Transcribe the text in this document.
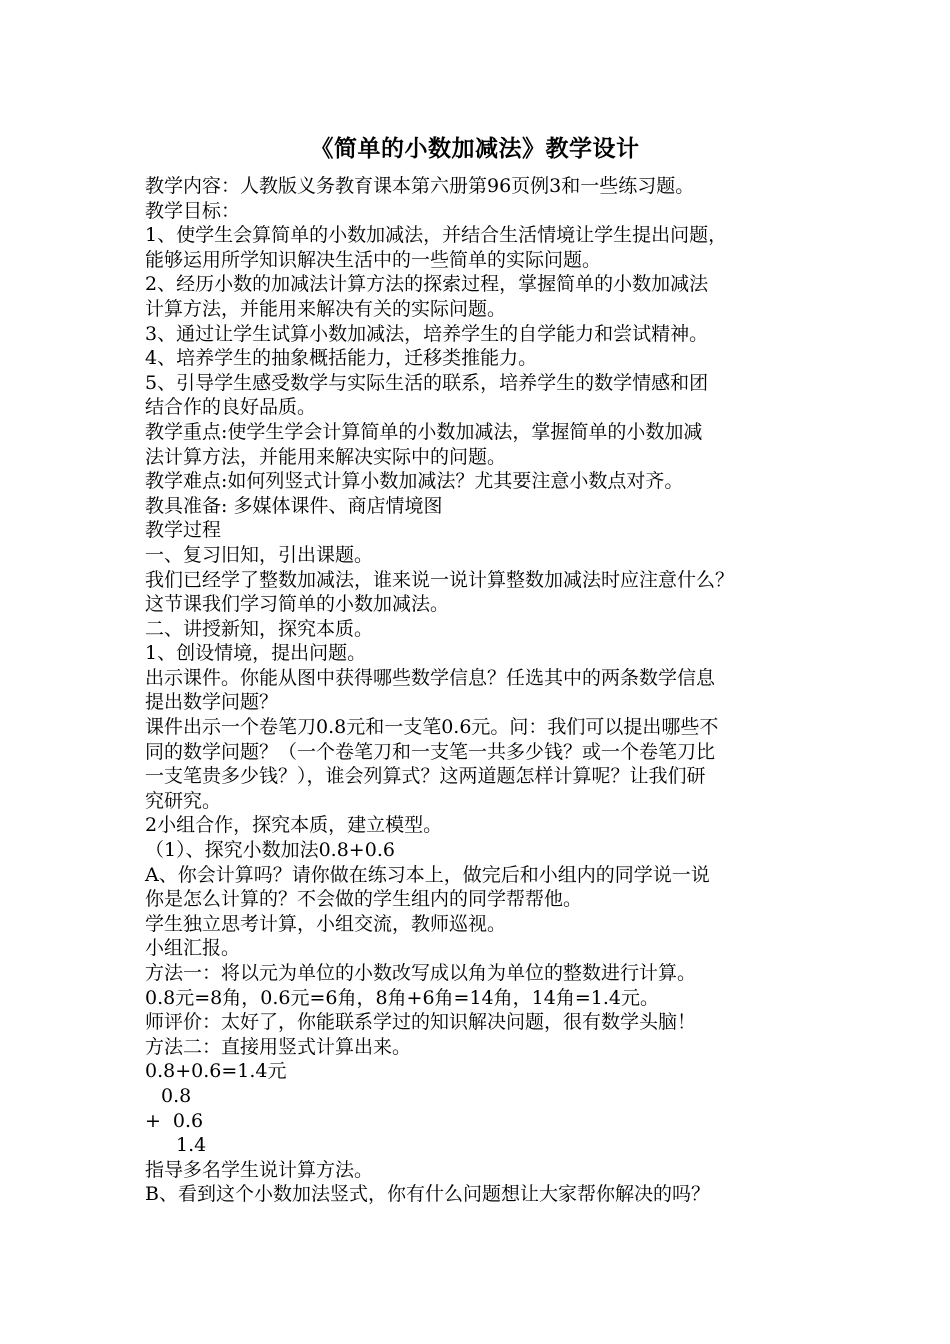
《简单的小数加减法》教学设计
教学内容：人教版义务教育课本第六册第96页例3和一些练习题。
教学目标：
1、使学生会算简单的小数加减法，并结合生活情境让学生提出问题，
能够运用所学知识解决生活中的一些简单的实际问题。
2、经历小数的加减法计算方法的探索过程，掌握简单的小数加减法
计算方法，并能用来解决有关的实际问题。
3、通过让学生试算小数加减法，培养学生的自学能力和尝试精神。
4、培养学生的抽象概括能力，迁移类推能力。
5、引导学生感受数学与实际生活的联系，培养学生的数学情感和团
结合作的良好品质。
教学重点:使学生学会计算简单的小数加减法，掌握简单的小数加减
法计算方法，并能用来解决实际中的问题。
教学难点:如何列竖式计算小数加减法？尤其要注意小数点对齐。
教具准备: 多媒体课件、商店情境图
教学过程
一、复习旧知，引出课题。
我们已经学了整数加减法，谁来说一说计算整数加减法时应注意什么？
这节课我们学习简单的小数加减法。
二、讲授新知，探究本质。
1、创设情境，提出问题。
出示课件。你能从图中获得哪些数学信息？任选其中的两条数学信息
提出数学问题？
课件出示一个卷笔刀0.8元和一支笔0.6元。问：我们可以提出哪些不
同的数学问题？（一个卷笔刀和一支笔一共多少钱？或一个卷笔刀比
一支笔贵多少钱？），谁会列算式？这两道题怎样计算呢？让我们研
究研究。
2小组合作，探究本质，建立模型。
（1）、探究小数加法0.8+0.6
A、你会计算吗？请你做在练习本上，做完后和小组内的同学说一说
你是怎么计算的？不会做的学生组内的同学帮帮他。
学生独立思考计算，小组交流，教师巡视。
小组汇报。
方法一：将以元为单位的小数改写成以角为单位的整数进行计算。
0.8元=8角，0.6元=6角，8角+6角=14角，14角=1.4元。
师评价：太好了，你能联系学过的知识解决问题，很有数学头脑！
方法二：直接用竖式计算出来。
0.8+0.6=1.4元
0.8
+ 0.6
1.4
指导多名学生说计算方法。
B、看到这个小数加法竖式，你有什么问题想让大家帮你解决的吗？
